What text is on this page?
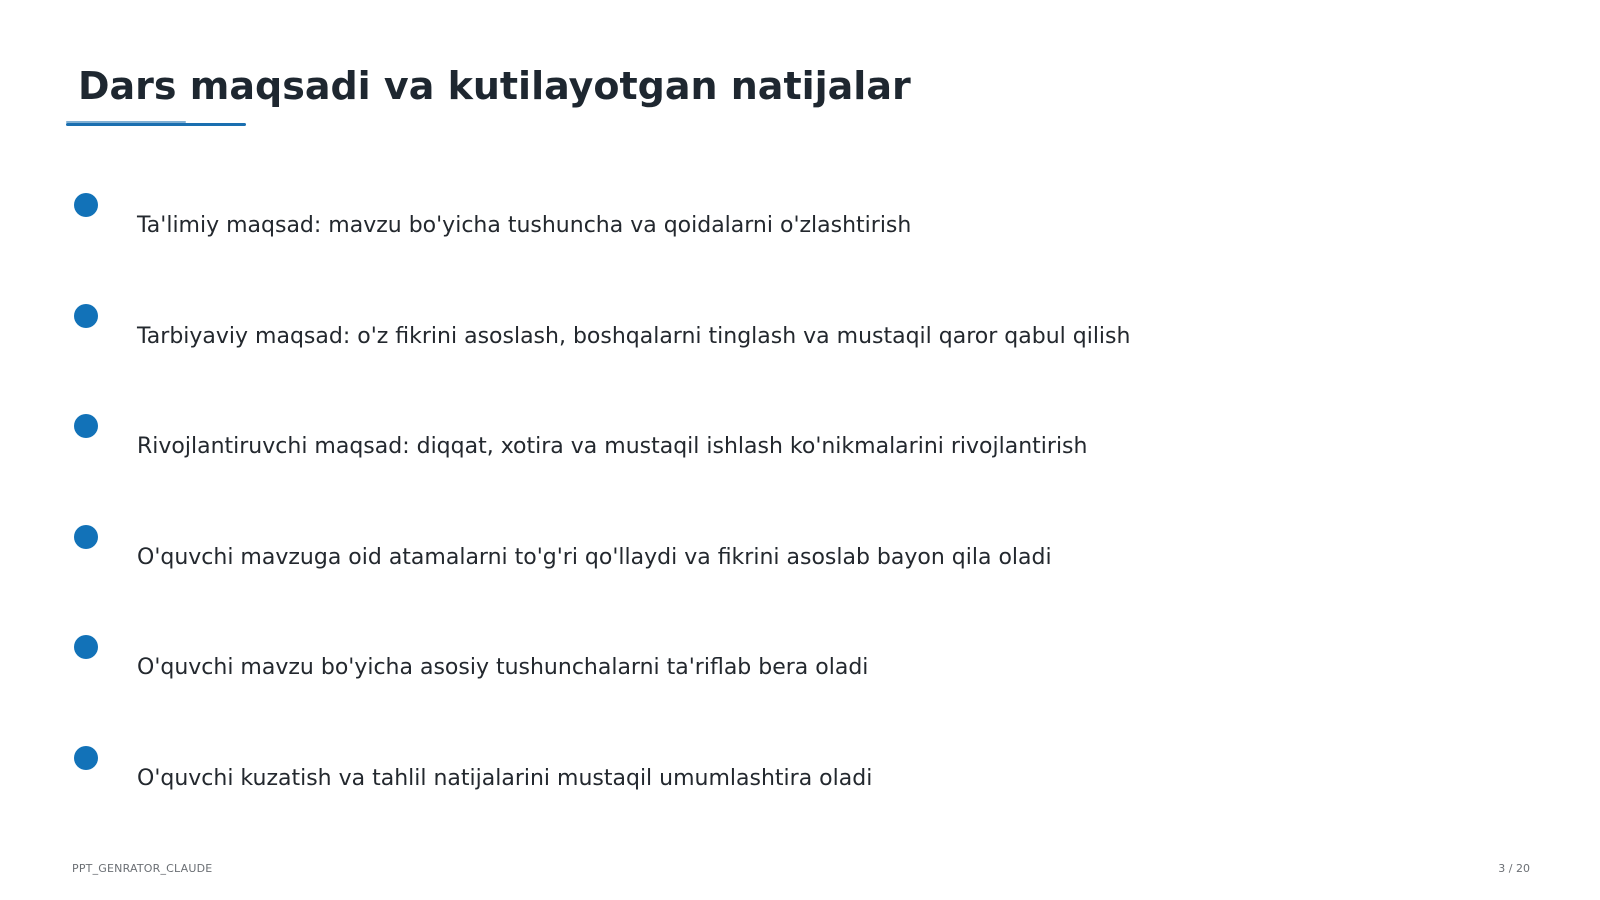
Dars maqsadi va kutilayotgan natijalar
Ta'limiy maqsad: mavzu bo'yicha tushuncha va qoidalarni o'zlashtirish
Tarbiyaviy maqsad: o'z fikrini asoslash, boshqalarni tinglash va mustaqil qaror qabul qilish
Rivojlantiruvchi maqsad: diqqat, xotira va mustaqil ishlash ko'nikmalarini rivojlantirish
O'quvchi mavzuga oid atamalarni to'g'ri qo'llaydi va fikrini asoslab bayon qila oladi
O'quvchi mavzu bo'yicha asosiy tushunchalarni ta'riflab bera oladi
O'quvchi kuzatish va tahlil natijalarini mustaqil umumlashtira oladi
PPT_GENRATOR_CLAUDE	3 / 20
